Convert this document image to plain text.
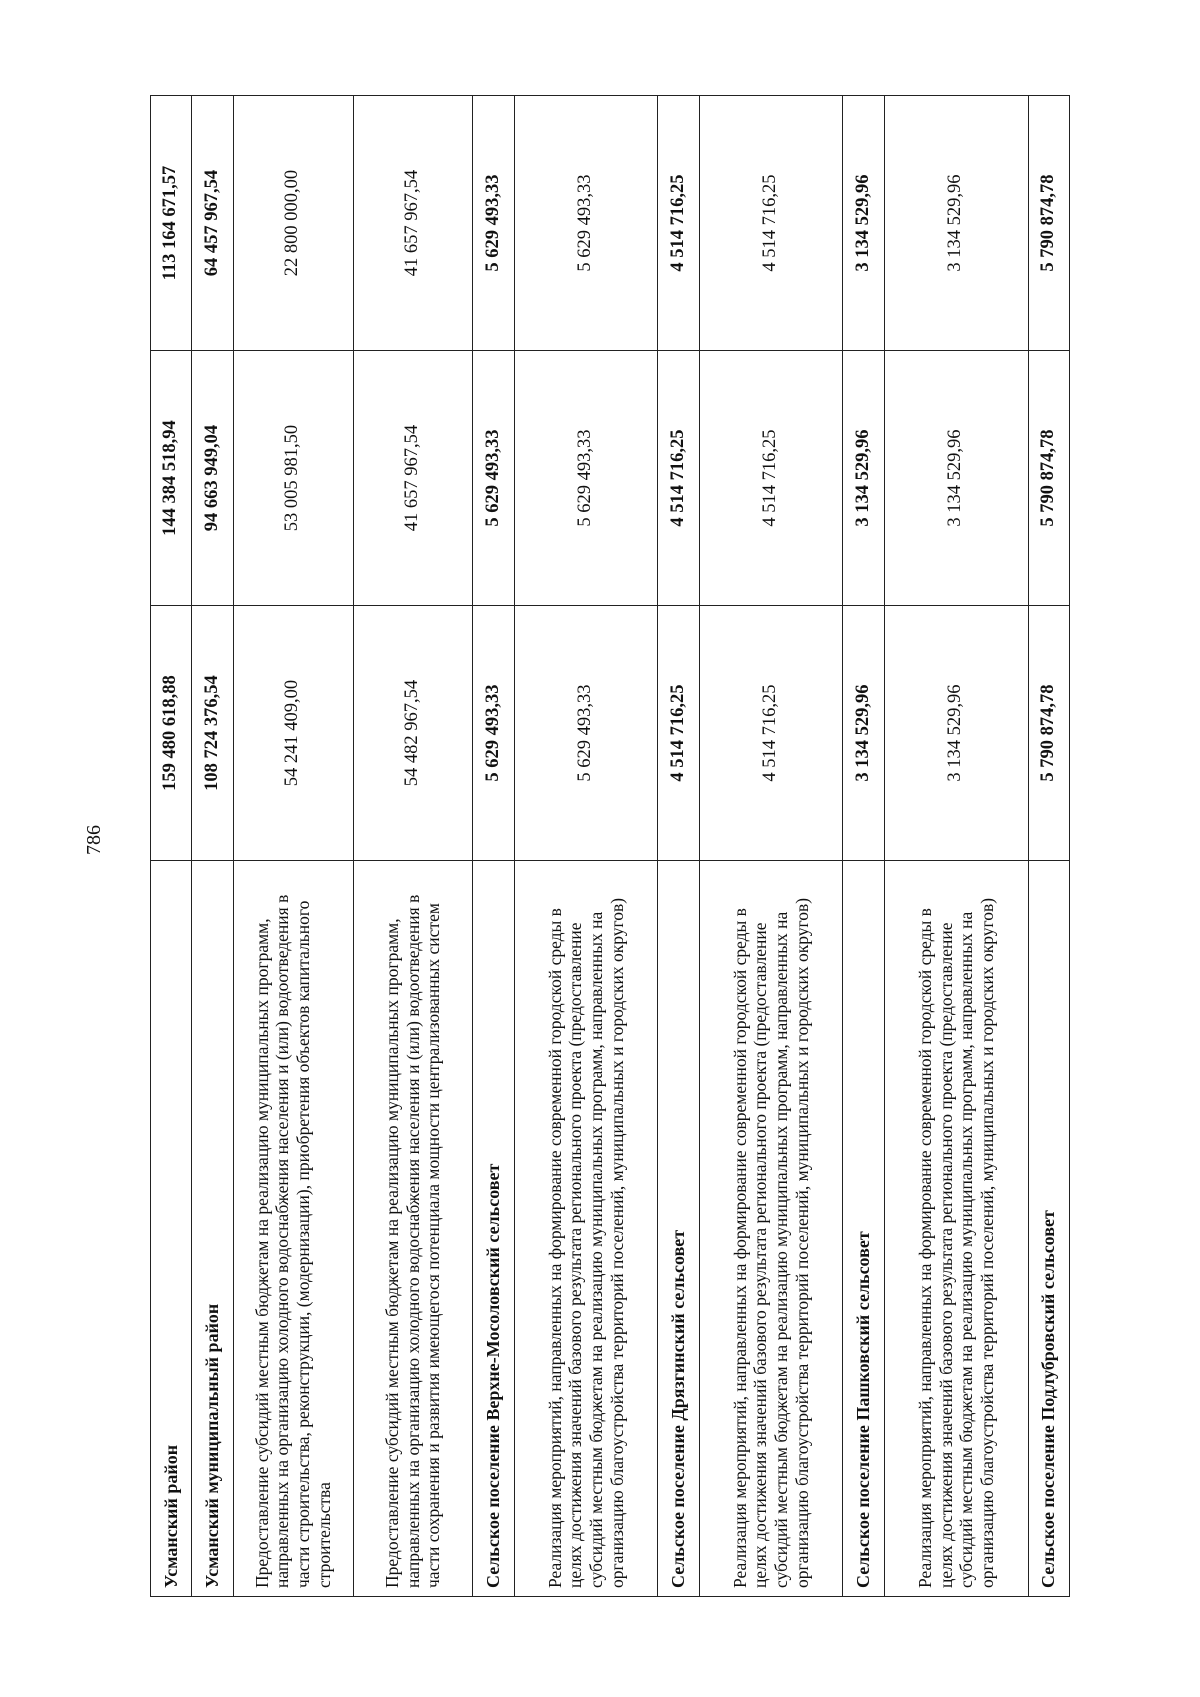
786
Усманский район	159 480 618,88	144 384 518,94	113 164 671,57
Усманский муниципальный район	108 724 376,54	94 663 949,04	64 457 967,54
Предоставление субсидий местным бюджетам на реализацию муниципальных программ, направленных на организацию холодного водоснабжения населения и (или) водоотведения в части строительства, реконструкции, (модернизации), приобретения объектов капитального строительства	54 241 409,00	53 005 981,50	22 800 000,00
Предоставление субсидий местным бюджетам на реализацию муниципальных программ, направленных на организацию холодного водоснабжения населения и (или) водоотведения в части сохранения и развития имеющегося потенциала мощности централизованных систем	54 482 967,54	41 657 967,54	41 657 967,54
Сельское поселение Верхне-Мосоловский сельсовет	5 629 493,33	5 629 493,33	5 629 493,33
Реализация мероприятий, направленных на формирование современной городской среды в целях достижения значений базового результата регионального проекта (предоставление субсидий местным бюджетам на реализацию муниципальных программ, направленных на организацию благоустройства территорий поселений, муниципальных и городских округов)	5 629 493,33	5 629 493,33	5 629 493,33
Сельское поселение Дрязгинский сельсовет	4 514 716,25	4 514 716,25	4 514 716,25
Реализация мероприятий, направленных на формирование современной городской среды в целях достижения значений базового результата регионального проекта (предоставление субсидий местным бюджетам на реализацию муниципальных программ, направленных на организацию благоустройства территорий поселений, муниципальных и городских округов)	4 514 716,25	4 514 716,25	4 514 716,25
Сельское поселение Пашковский сельсовет	3 134 529,96	3 134 529,96	3 134 529,96
Реализация мероприятий, направленных на формирование современной городской среды в целях достижения значений базового результата регионального проекта (предоставление субсидий местным бюджетам на реализацию муниципальных программ, направленных на организацию благоустройства территорий поселений, муниципальных и городских округов)	3 134 529,96	3 134 529,96	3 134 529,96
Сельское поселение Подлубровский сельсовет	5 790 874,78	5 790 874,78	5 790 874,78
